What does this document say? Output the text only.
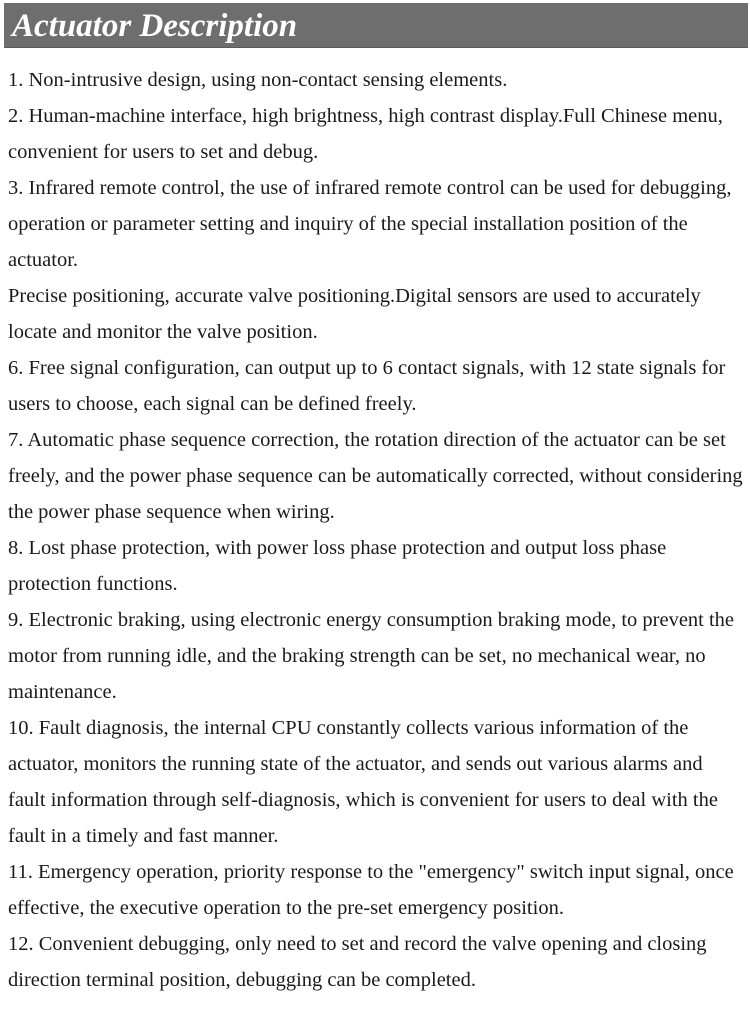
Actuator Description

1. Non-intrusive design, using non-contact sensing elements.

2. Human-machine interface, high brightness, high contrast display.Full Chinese menu, convenient for users to set and debug.

3. Infrared remote control, the use of infrared remote control can be used for debugging, operation or parameter setting and inquiry of the special installation position of the actuator.

Precise positioning, accurate valve positioning.Digital sensors are used to accurately locate and monitor the valve position.

6. Free signal configuration, can output up to 6 contact signals, with 12 state signals for users to choose, each signal can be defined freely.

7. Automatic phase sequence correction, the rotation direction of the actuator can be set freely, and the power phase sequence can be automatically corrected, without considering the power phase sequence when wiring.

8. Lost phase protection, with power loss phase protection and output loss phase protection functions.

9. Electronic braking, using electronic energy consumption braking mode, to prevent the motor from running idle, and the braking strength can be set, no mechanical wear, no maintenance.

10. Fault diagnosis, the internal CPU constantly collects various information of the actuator, monitors the running state of the actuator, and sends out various alarms and fault information through self-diagnosis, which is convenient for users to deal with the fault in a timely and fast manner.

11. Emergency operation, priority response to the "emergency" switch input signal, once effective, the executive operation to the pre-set emergency position.

12. Convenient debugging, only need to set and record the valve opening and closing direction terminal position, debugging can be completed.
